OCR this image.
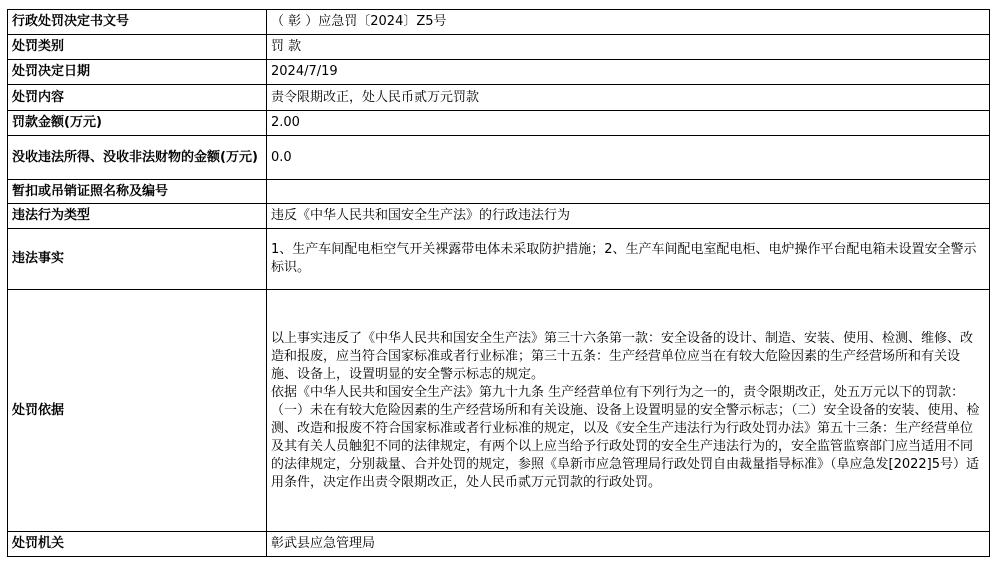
行政处罚决定书文号	（ 彰 ）应急罚〔2024〕Z5号
处罚类别	罚 款
处罚决定日期	2024/7/19
处罚内容	责令限期改正，处人民币贰万元罚款
罚款金额(万元)	2.00
没收违法所得、没收非法财物的金额(万元)	0.0
暂扣或吊销证照名称及编号	
违法行为类型	违反《中华人民共和国安全生产法》的行政违法行为
违法事实	1、生产车间配电柜空气开关裸露带电体未采取防护措施；2、生产车间配电室配电柜、电炉操作平台配电箱未设置安全警示标识。
处罚依据	以上事实违反了《中华人民共和国安全生产法》第三十六条第一款：安全设备的设计、制造、安装、使用、检测、维修、改造和报废，应当符合国家标准或者行业标准；第三十五条：生产经营单位应当在有较大危险因素的生产经营场所和有关设施、设备上，设置明显的安全警示标志的规定。
依据《中华人民共和国安全生产法》第九十九条 生产经营单位有下列行为之一的，责令限期改正，处五万元以下的罚款：（一）未在有较大危险因素的生产经营场所和有关设施、设备上设置明显的安全警示标志；（二）安全设备的安装、使用、检测、改造和报废不符合国家标准或者行业标准的规定，以及《安全生产违法行为行政处罚办法》第五十三条：生产经营单位及其有关人员触犯不同的法律规定，有两个以上应当给予行政处罚的安全生产违法行为的，安全监管监察部门应当适用不同的法律规定，分别裁量、合并处罚的规定，参照《阜新市应急管理局行政处罚自由裁量指导标准》（阜应急发[2022]5号）适用条件，决定作出责令限期改正，处人民币贰万元罚款的行政处罚。

处罚机关	彰武县应急管理局
